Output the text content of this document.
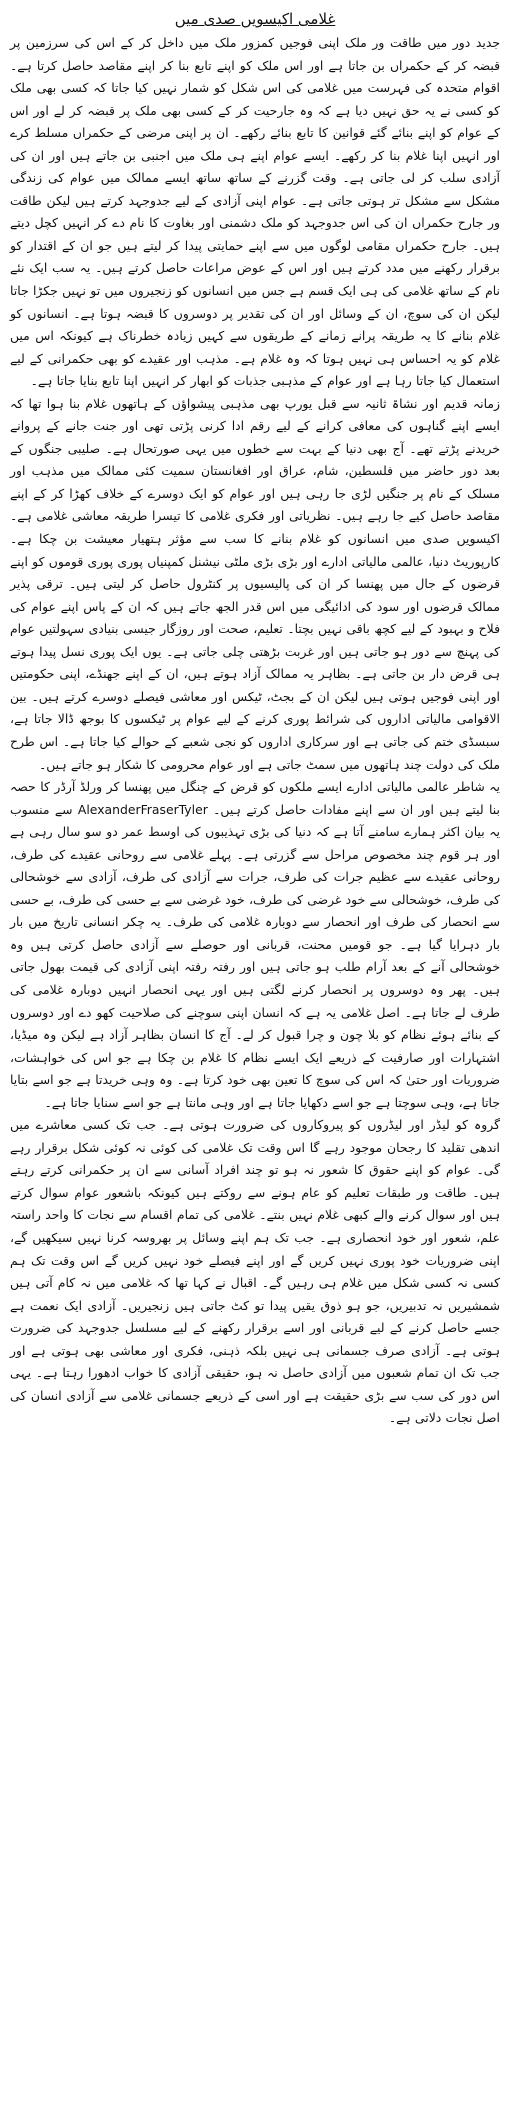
غلامی اکیسویں صدی میں

جدید دور میں طاقت ور ملک اپنی فوجیں کمزور ملک میں داخل کر کے اس کی سرزمین پر قبضہ کر کے حکمراں بن جاتا ہے اور اس ملک کو اپنے تابع بنا کر اپنے مقاصد حاصل کرتا ہے۔ اقوام متحدہ کی فہرست میں غلامی کی اس شکل کو شمار نہیں کیا جاتا کہ کسی بھی ملک کو کسی نے یہ حق نہیں دیا ہے کہ وہ جارحیت کر کے کسی بھی ملک پر قبضہ کر لے اور اس کے عوام کو اپنے بنائے گئے قوانین کا تابع بنائے رکھے۔ ان پر اپنی مرضی کے حکمراں مسلط کرے اور انہیں اپنا غلام بنا کر رکھے۔ ایسے عوام اپنے ہی ملک میں اجنبی بن جاتے ہیں اور ان کی آزادی سلب کر لی جاتی ہے۔ وقت گزرنے کے ساتھ ساتھ ایسے ممالک میں عوام کی زندگی مشکل سے مشکل تر ہوتی جاتی ہے۔ عوام اپنی آزادی کے لیے جدوجہد کرتے ہیں لیکن طاقت ور جارح حکمراں ان کی اس جدوجہد کو ملک دشمنی اور بغاوت کا نام دے کر انہیں کچل دیتے ہیں۔ جارح حکمراں مقامی لوگوں میں سے اپنے حمایتی پیدا کر لیتے ہیں جو ان کے اقتدار کو برقرار رکھنے میں مدد کرتے ہیں اور اس کے عوض مراعات حاصل کرتے ہیں۔ یہ سب ایک نئے نام کے ساتھ غلامی کی ہی ایک قسم ہے جس میں انسانوں کو زنجیروں میں تو نہیں جکڑا جاتا لیکن ان کی سوچ، ان کے وسائل اور ان کی تقدیر پر دوسروں کا قبضہ ہوتا ہے۔ انسانوں کو غلام بنانے کا یہ طریقہ پرانے زمانے کے طریقوں سے کہیں زیادہ خطرناک ہے کیونکہ اس میں غلام کو یہ احساس ہی نہیں ہوتا کہ وہ غلام ہے۔ مذہب اور عقیدے کو بھی حکمرانی کے لیے استعمال کیا جاتا رہا ہے اور عوام کے مذہبی جذبات کو ابھار کر انہیں اپنا تابع بنایا جاتا ہے۔

زمانہ قدیم اور نشاۃ ثانیہ سے قبل یورپ بھی مذہبی پیشواؤں کے ہاتھوں غلام بنا ہوا تھا کہ ایسے اپنے گناہوں کی معافی کرانے کے لیے رقم ادا کرنی پڑتی تھی اور جنت جانے کے پروانے خریدنے پڑتے تھے۔ آج بھی دنیا کے بہت سے خطوں میں یہی صورتحال ہے۔ صلیبی جنگوں کے بعد دور حاضر میں فلسطین، شام، عراق اور افغانستان سمیت کئی ممالک میں مذہب اور مسلک کے نام پر جنگیں لڑی جا رہی ہیں اور عوام کو ایک دوسرے کے خلاف کھڑا کر کے اپنے مقاصد حاصل کیے جا رہے ہیں۔ نظریاتی اور فکری غلامی کا تیسرا طریقہ معاشی غلامی ہے۔ اکیسویں صدی میں انسانوں کو غلام بنانے کا سب سے مؤثر ہتھیار معیشت بن چکا ہے۔ کارپوریٹ دنیا، عالمی مالیاتی ادارے اور بڑی بڑی ملٹی نیشنل کمپنیاں پوری پوری قوموں کو اپنے قرضوں کے جال میں پھنسا کر ان کی پالیسیوں پر کنٹرول حاصل کر لیتی ہیں۔ ترقی پذیر ممالک قرضوں اور سود کی ادائیگی میں اس قدر الجھ جاتے ہیں کہ ان کے پاس اپنے عوام کی فلاح و بہبود کے لیے کچھ باقی نہیں بچتا۔ تعلیم، صحت اور روزگار جیسی بنیادی سہولتیں عوام کی پہنچ سے دور ہو جاتی ہیں اور غربت بڑھتی چلی جاتی ہے۔ یوں ایک پوری نسل پیدا ہوتے ہی قرض دار بن جاتی ہے۔ بظاہر یہ ممالک آزاد ہوتے ہیں، ان کے اپنے جھنڈے، اپنی حکومتیں اور اپنی فوجیں ہوتی ہیں لیکن ان کے بجٹ، ٹیکس اور معاشی فیصلے دوسرے کرتے ہیں۔ بین الاقوامی مالیاتی اداروں کی شرائط پوری کرنے کے لیے عوام پر ٹیکسوں کا بوجھ ڈالا جاتا ہے، سبسڈی ختم کی جاتی ہے اور سرکاری اداروں کو نجی شعبے کے حوالے کیا جاتا ہے۔ اس طرح ملک کی دولت چند ہاتھوں میں سمٹ جاتی ہے اور عوام محرومی کا شکار ہو جاتے ہیں۔

یہ شاطر عالمی مالیاتی ادارے ایسے ملکوں کو قرض کے چنگل میں پھنسا کر ورلڈ آرڈر کا حصہ بنا لیتے ہیں اور ان سے اپنے مفادات حاصل کرتے ہیں۔ AlexanderFraserTyler سے منسوب یہ بیان اکثر ہمارے سامنے آتا ہے کہ دنیا کی بڑی تہذیبوں کی اوسط عمر دو سو سال رہی ہے اور ہر قوم چند مخصوص مراحل سے گزرتی ہے۔ پہلے غلامی سے روحانی عقیدے کی طرف، روحانی عقیدے سے عظیم جرات کی طرف، جرات سے آزادی کی طرف، آزادی سے خوشحالی کی طرف، خوشحالی سے خود غرضی کی طرف، خود غرضی سے بے حسی کی طرف، بے حسی سے انحصار کی طرف اور انحصار سے دوبارہ غلامی کی طرف۔ یہ چکر انسانی تاریخ میں بار بار دہرایا گیا ہے۔ جو قومیں محنت، قربانی اور حوصلے سے آزادی حاصل کرتی ہیں وہ خوشحالی آنے کے بعد آرام طلب ہو جاتی ہیں اور رفتہ رفتہ اپنی آزادی کی قیمت بھول جاتی ہیں۔ پھر وہ دوسروں پر انحصار کرنے لگتی ہیں اور یہی انحصار انہیں دوبارہ غلامی کی طرف لے جاتا ہے۔ اصل غلامی یہ ہے کہ انسان اپنی سوچنے کی صلاحیت کھو دے اور دوسروں کے بنائے ہوئے نظام کو بلا چون و چرا قبول کر لے۔ آج کا انسان بظاہر آزاد ہے لیکن وہ میڈیا، اشتہارات اور صارفیت کے ذریعے ایک ایسے نظام کا غلام بن چکا ہے جو اس کی خواہشات، ضروریات اور حتیٰ کہ اس کی سوچ کا تعین بھی خود کرتا ہے۔ وہ وہی خریدتا ہے جو اسے بتایا جاتا ہے، وہی سوچتا ہے جو اسے دکھایا جاتا ہے اور وہی مانتا ہے جو اسے سنایا جاتا ہے۔

گروہ کو لیڈر اور لیڈروں کو پیروکاروں کی ضرورت ہوتی ہے۔ جب تک کسی معاشرے میں اندھی تقلید کا رجحان موجود رہے گا اس وقت تک غلامی کی کوئی نہ کوئی شکل برقرار رہے گی۔ عوام کو اپنے حقوق کا شعور نہ ہو تو چند افراد آسانی سے ان پر حکمرانی کرتے رہتے ہیں۔ طاقت ور طبقات تعلیم کو عام ہونے سے روکتے ہیں کیونکہ باشعور عوام سوال کرتے ہیں اور سوال کرنے والے کبھی غلام نہیں بنتے۔ غلامی کی تمام اقسام سے نجات کا واحد راستہ علم، شعور اور خود انحصاری ہے۔ جب تک ہم اپنے وسائل پر بھروسہ کرنا نہیں سیکھیں گے، اپنی ضروریات خود پوری نہیں کریں گے اور اپنے فیصلے خود نہیں کریں گے اس وقت تک ہم کسی نہ کسی شکل میں غلام ہی رہیں گے۔ اقبال نے کہا تھا کہ غلامی میں نہ کام آتی ہیں شمشیریں نہ تدبیریں، جو ہو ذوق یقیں پیدا تو کٹ جاتی ہیں زنجیریں۔ آزادی ایک نعمت ہے جسے حاصل کرنے کے لیے قربانی اور اسے برقرار رکھنے کے لیے مسلسل جدوجہد کی ضرورت ہوتی ہے۔ آزادی صرف جسمانی ہی نہیں بلکہ ذہنی، فکری اور معاشی بھی ہوتی ہے اور جب تک ان تمام شعبوں میں آزادی حاصل نہ ہو، حقیقی آزادی کا خواب ادھورا رہتا ہے۔ یہی اس دور کی سب سے بڑی حقیقت ہے اور اسی کے ذریعے جسمانی غلامی سے آزادی انسان کی اصل نجات دلاتی ہے۔
